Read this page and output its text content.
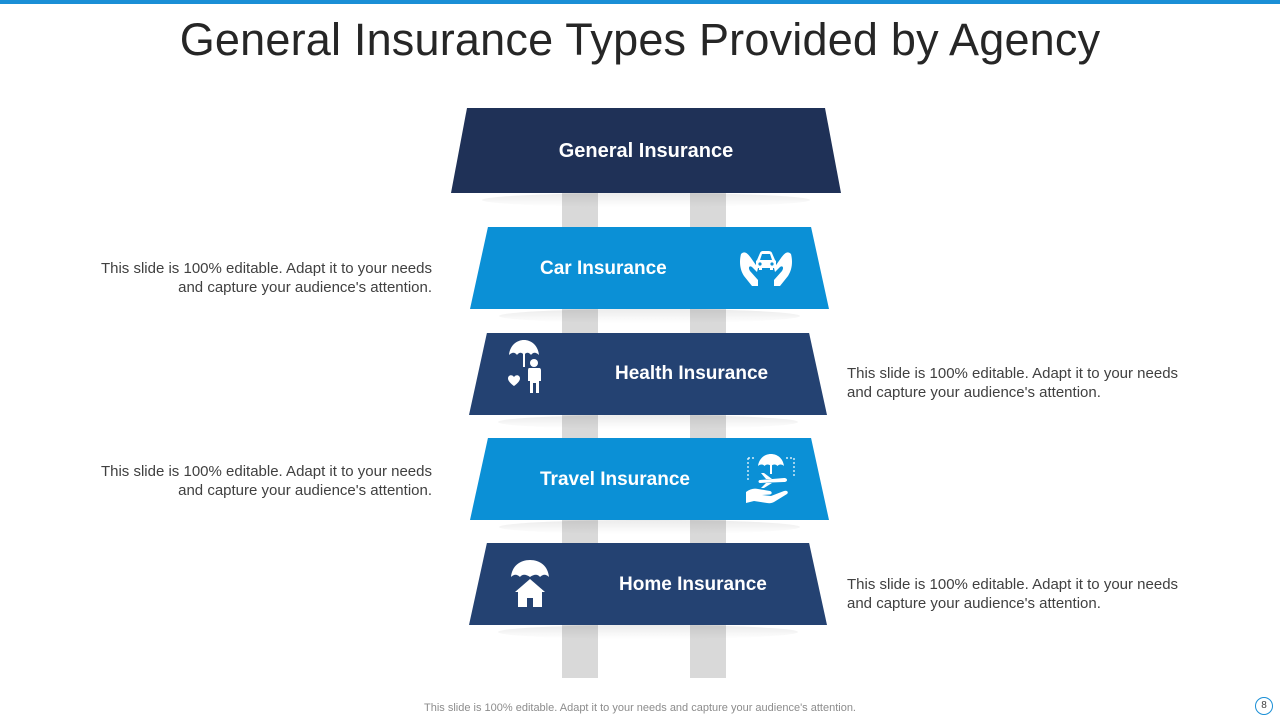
General Insurance Types Provided by Agency
General Insurance
Car Insurance
Health Insurance
Travel Insurance
Home Insurance
This slide is 100% editable. Adapt it to your needs
and capture your audience's attention.
This slide is 100% editable. Adapt it to your needs
and capture your audience's attention.
This slide is 100% editable. Adapt it to your needs
and capture your audience's attention.
This slide is 100% editable. Adapt it to your needs
and capture your audience's attention.
This slide is 100% editable. Adapt it to your needs and capture your audience's attention.	8
